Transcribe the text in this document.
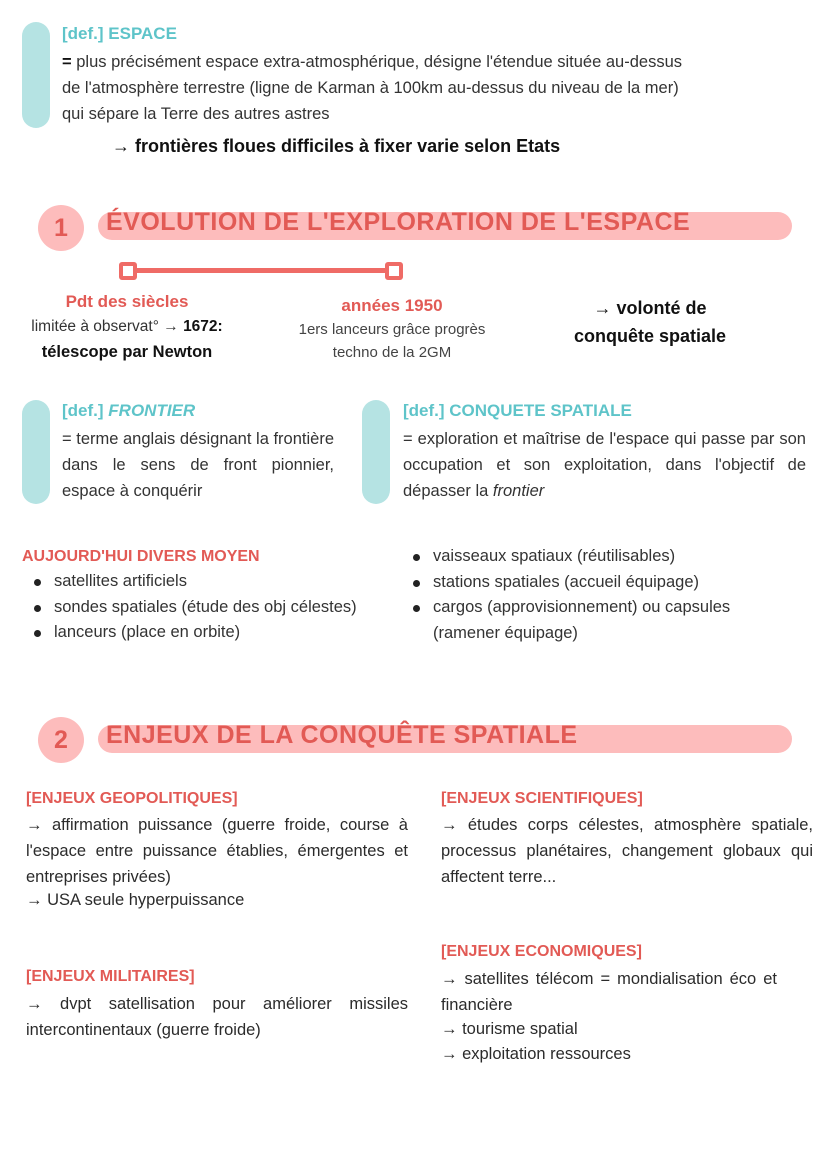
[def.] ESPACE
= plus précisément espace extra-atmosphérique, désigne l'étendue située au-dessus
de l'atmosphère terrestre (ligne de Karman à 100km au-dessus du niveau de la mer)
qui sépare la Terre des autres astres
→ frontières floues difficiles à fixer varie selon Etats
1	ÉVOLUTION DE L'EXPLORATION DE L'ESPACE
Pdt des siècles
limitée à observat° → 1672:
télescope par Newton
années 1950
1ers lanceurs grâce progrès
techno de la 2GM
→ volonté de
conquête spatiale
[def.] FRONTIER
= terme anglais désignant la frontière dans le sens de front pionnier, espace à conquérir
[def.] CONQUETE SPATIALE
= exploration et maîtrise de l'espace qui passe par son occupation et son exploitation, dans l'objectif de dépasser la frontier
AUJOURD'HUI DIVERS MOYEN
satellites artificiels
sondes spatiales (étude des obj célestes)
lanceurs (place en orbite)
vaisseaux spatiaux (réutilisables)
stations spatiales (accueil équipage)
cargos (approvisionnement) ou capsules (ramener équipage)
2	ENJEUX DE LA CONQUÊTE SPATIALE
[ENJEUX GEOPOLITIQUES]
→ affirmation puissance (guerre froide, course à l'espace entre puissance établies, émergentes et entreprises privées)
→ USA seule hyperpuissance
[ENJEUX SCIENTIFIQUES]
→ études corps célestes, atmosphère spatiale, processus planétaires, changement globaux qui affectent terre...
[ENJEUX MILITAIRES]
→ dvpt satellisation pour améliorer missiles intercontinentaux (guerre froide)
[ENJEUX ECONOMIQUES]
→ satellites télécom = mondialisation éco et financière
→ tourisme spatial
→ exploitation ressources
